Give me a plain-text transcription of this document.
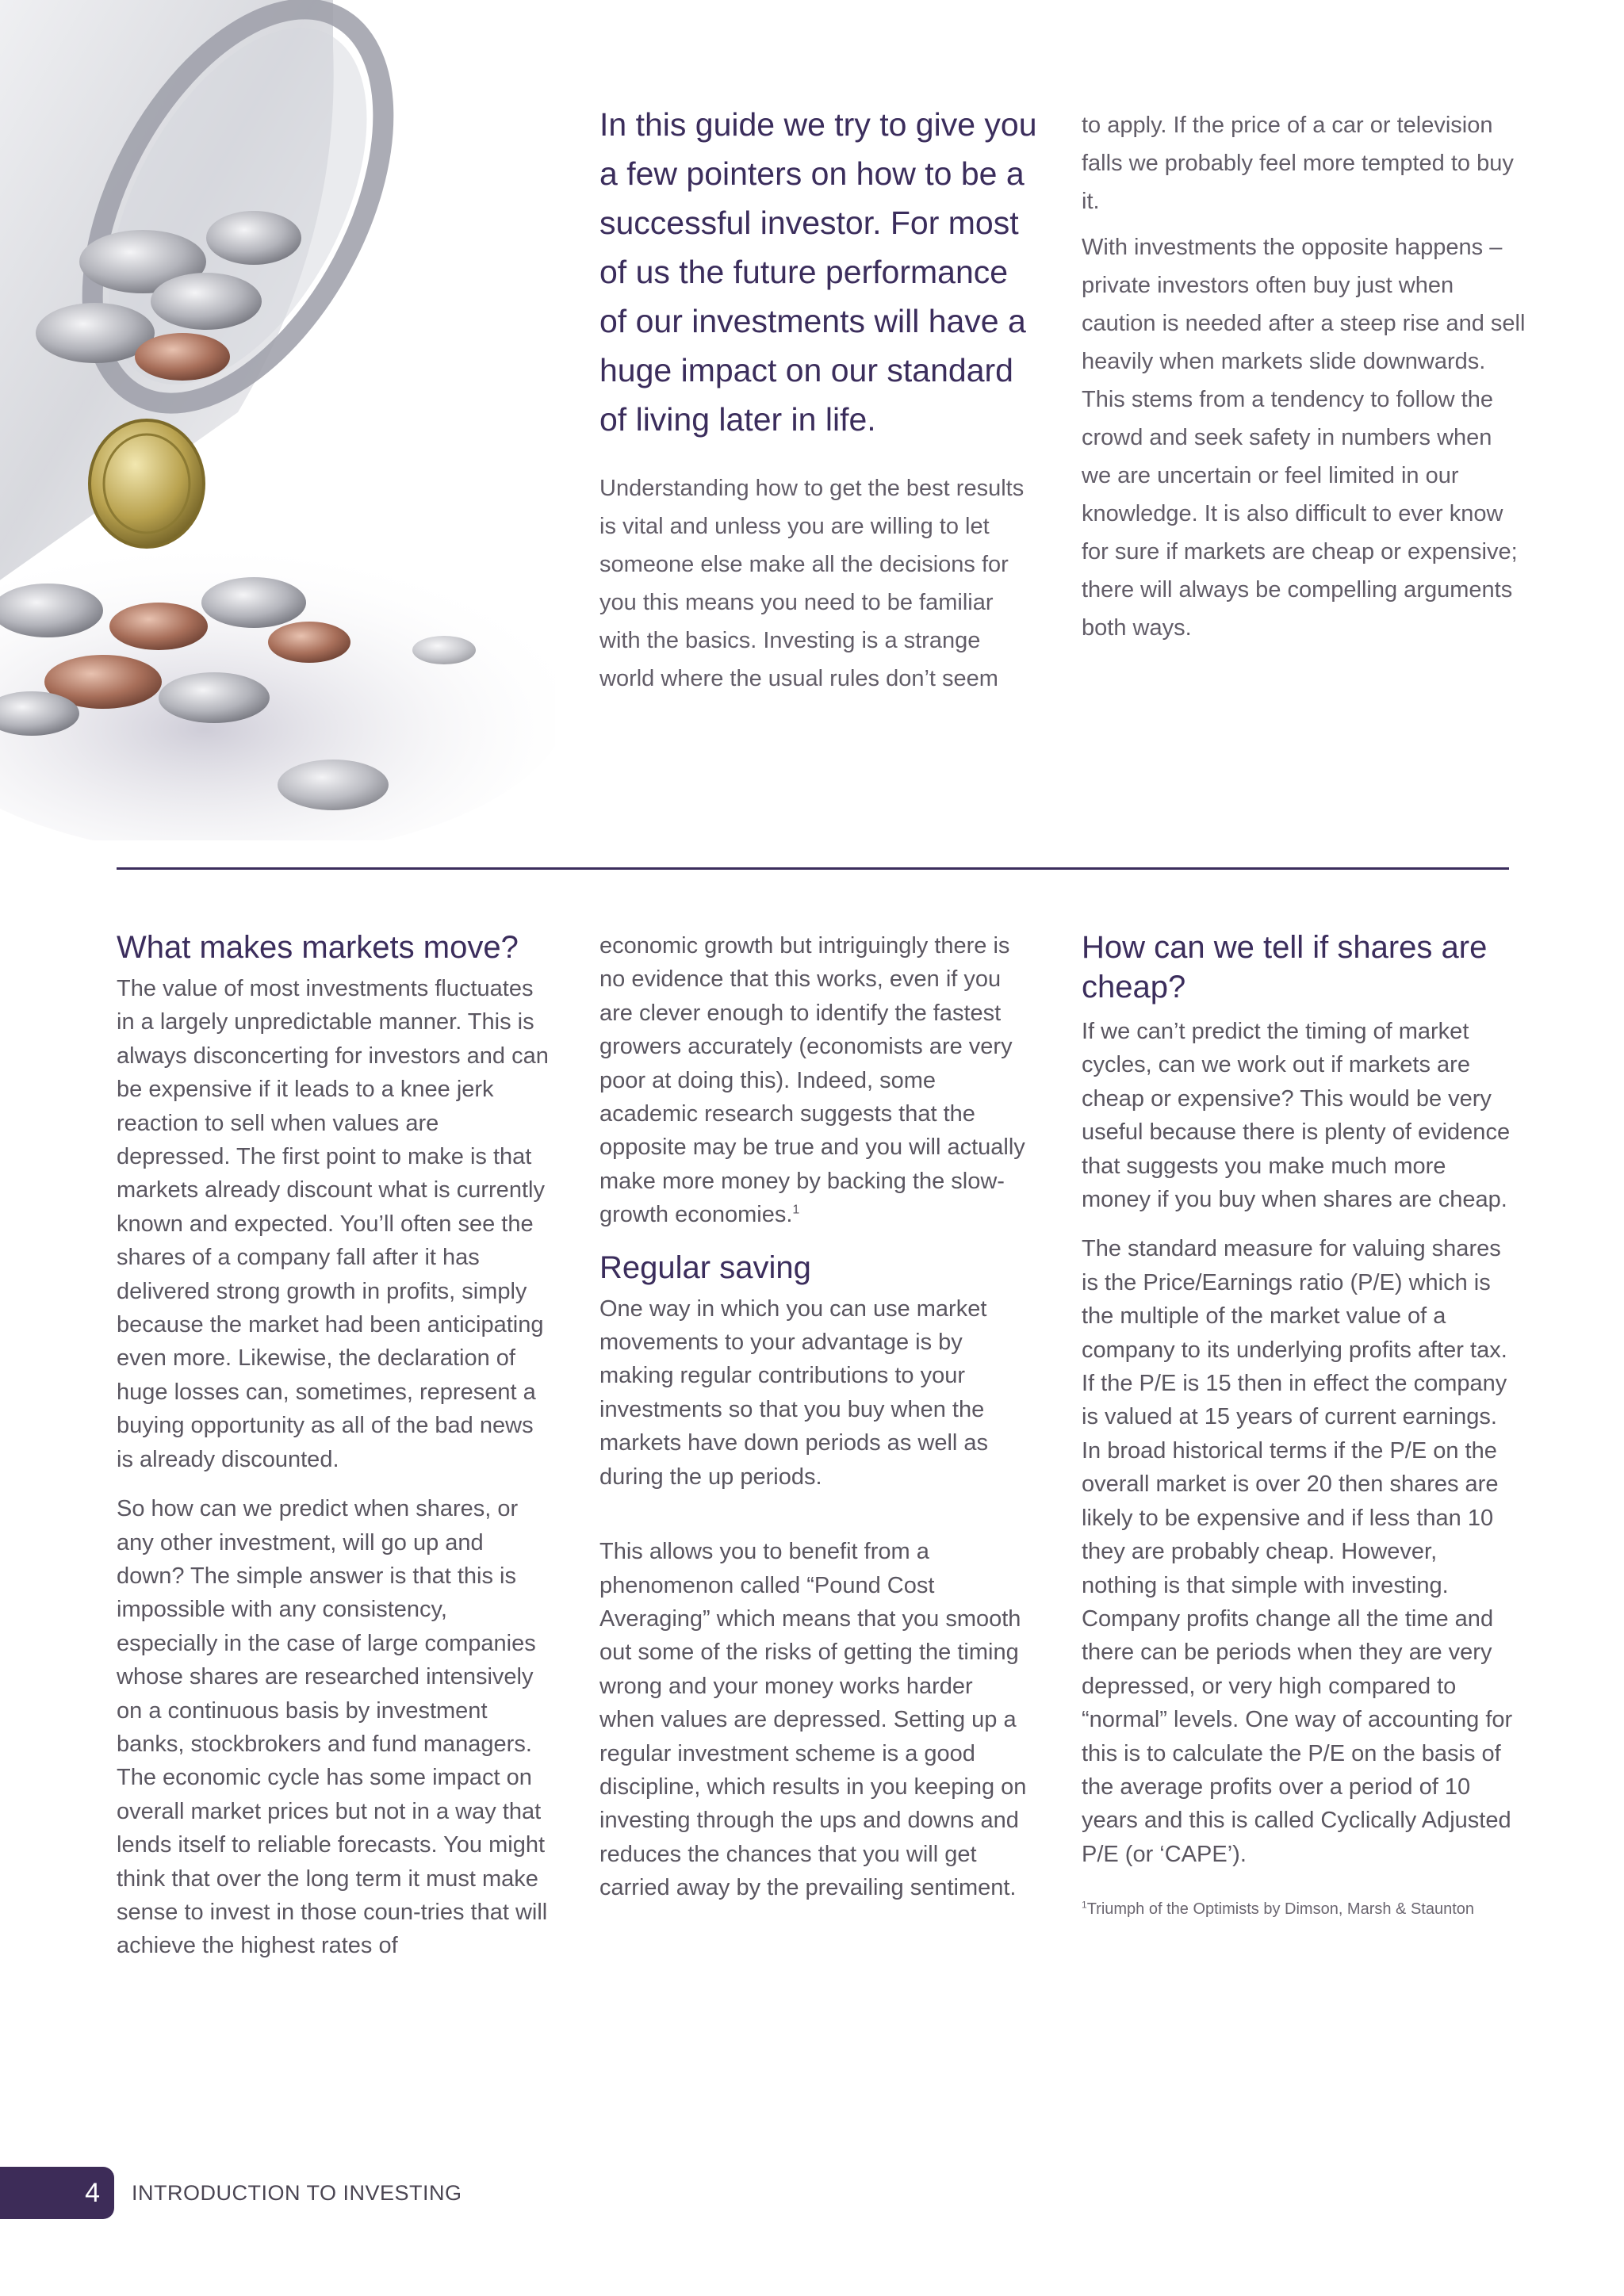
In this guide we try to give you a few pointers on how to be a successful investor. For most of us the future performance of our investments will have a huge impact on our standard of living later in life.

Understanding how to get the best results is vital and unless you are willing to let someone else make all the decisions for you this means you need to be familiar with the basics. Investing is a strange world where the usual rules don’t seem

to apply. If the price of a car or television falls we probably feel more tempted to buy it.

With investments the opposite happens – private investors often buy just when caution is needed after a steep rise and sell heavily when markets slide downwards. This stems from a tendency to follow the crowd and seek safety in numbers when we are uncertain or feel limited in our knowledge. It is also difficult to ever know for sure if markets are cheap or expensive; there will always be compelling arguments both ways.

What makes markets move?

The value of most investments fluctuates in a largely unpredictable manner. This is always disconcerting for investors and can be expensive if it leads to a knee jerk reaction to sell when values are depressed. The first point to make is that markets already discount what is currently known and expected. You’ll often see the shares of a company fall after it has delivered strong growth in profits, simply because the market had been anticipating even more. Likewise, the declaration of huge losses can, sometimes, represent a buying opportunity as all of the bad news is already discounted.

So how can we predict when shares, or any other investment, will go up and down? The simple answer is that this is impossible with any consistency, especially in the case of large companies whose shares are researched intensively on a continuous basis by investment banks, stockbrokers and fund managers. The economic cycle has some impact on overall market prices but not in a way that lends itself to reliable forecasts. You might think that over the long term it must make sense to invest in those coun-tries that will achieve the highest rates of

economic growth but intriguingly there is no evidence that this works, even if you are clever enough to identify the fastest growers accurately (economists are very poor at doing this). Indeed, some academic research suggests that the opposite may be true and you will actually make more money by backing the slow-growth economies.$^1$

Regular saving

One way in which you can use market movements to your advantage is by making regular contributions to your investments so that you buy when the markets have down periods as well as during the up periods.

This allows you to benefit from a phenomenon called “Pound Cost Averaging” which means that you smooth out some of the risks of getting the timing wrong and your money works harder when values are depressed. Setting up a regular investment scheme is a good discipline, which results in you keeping on investing through the ups and downs and reduces the chances that you will get carried away by the prevailing sentiment.

How can we tell if shares are cheap?

If we can’t predict the timing of market cycles, can we work out if markets are cheap or expensive? This would be very useful because there is plenty of evidence that suggests you make much more money if you buy when shares are cheap.

The standard measure for valuing shares is the Price/Earnings ratio (P/E) which is the multiple of the market value of a company to its underlying profits after tax. If the P/E is 15 then in effect the company is valued at 15 years of current earnings. In broad historical terms if the P/E on the overall market is over 20 then shares are likely to be expensive and if less than 10 they are probably cheap. However, nothing is that simple with investing. Company profits change all the time and there can be periods when they are very depressed, or very high compared to “normal” levels. One way of accounting for this is to calculate the P/E on the basis of the average profits over a period of 10 years and this is called Cyclically Adjusted P/E (or ‘CAPE’).

$^1$Triumph of the Optimists by Dimson, Marsh & Staunton

4	INTRODUCTION TO INVESTING
